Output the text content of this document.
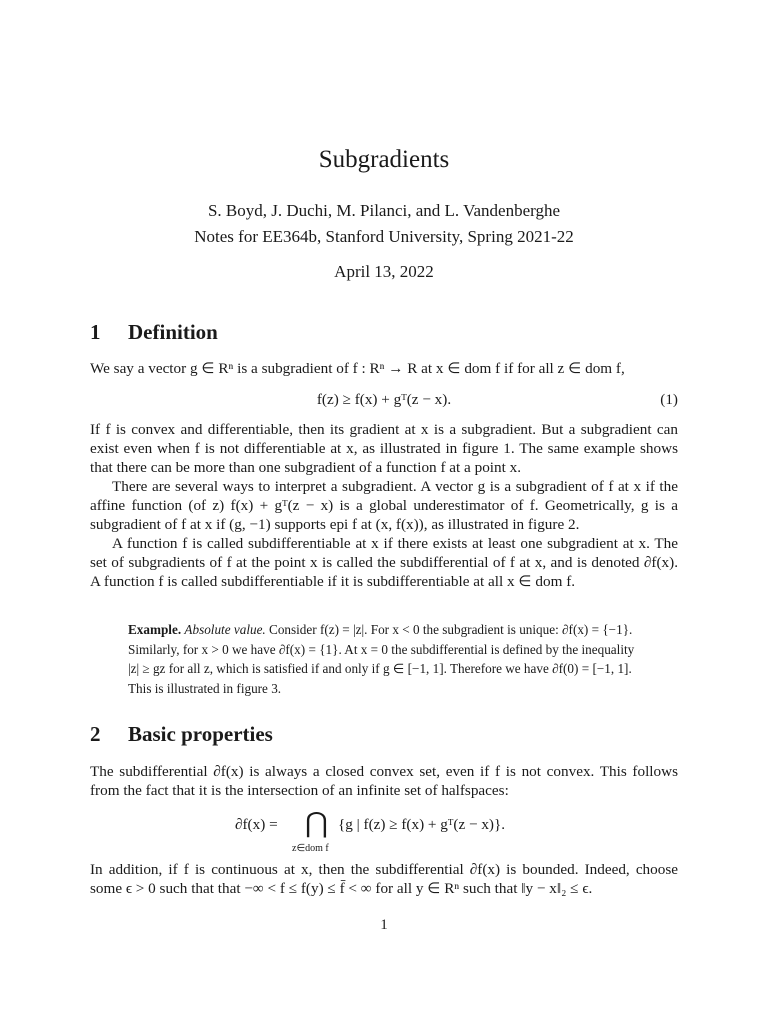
Subgradients
S. Boyd, J. Duchi, M. Pilanci, and L. Vandenberghe
Notes for EE364b, Stanford University, Spring 2021-22
April 13, 2022
1 Definition

We say a vector g ∈ Rⁿ is a subgradient of f : Rⁿ → R at x ∈ dom f if for all z ∈ dom f,

f(z) ≥ f(x) + gᵀ(z − x).	(1)

If f is convex and differentiable, then its gradient at x is a subgradient. But a subgradient can exist even when f is not differentiable at x, as illustrated in figure 1. The same example shows that there can be more than one subgradient of a function f at a point x.

There are several ways to interpret a subgradient. A vector g is a subgradient of f at x if the affine function (of z) f(x) + gᵀ(z − x) is a global underestimator of f. Geometrically, g is a subgradient of f at x if (g, −1) supports epi f at (x, f(x)), as illustrated in figure 2.

A function f is called subdifferentiable at x if there exists at least one subgradient at x. The set of subgradients of f at the point x is called the subdifferential of f at x, and is denoted ∂f(x). A function f is called subdifferentiable if it is subdifferentiable at all x ∈ dom f.

Example. Absolute value. Consider f(z) = |z|. For x < 0 the subgradient is unique: ∂f(x) = {−1}. Similarly, for x > 0 we have ∂f(x) = {1}. At x = 0 the subdifferential is defined by the inequality |z| ≥ gz for all z, which is satisfied if and only if g ∈ [−1, 1]. Therefore we have ∂f(0) = [−1, 1]. This is illustrated in figure 3.
2 Basic properties

The subdifferential ∂f(x) is always a closed convex set, even if f is not convex. This follows from the fact that it is the intersection of an infinite set of halfspaces:

∂f(x) = ⋂
z∈dom f
{g | f(z) ≥ f(x) + gᵀ(z − x)}.

In addition, if f is continuous at x, then the subdifferential ∂f(x) is bounded. Indeed, choose some ϵ > 0 such that that −∞ < f ≤ f(y) ≤ f̄ < ∞ for all y ∈ Rⁿ such that ‖y − x‖₂ ≤ ϵ.

1
